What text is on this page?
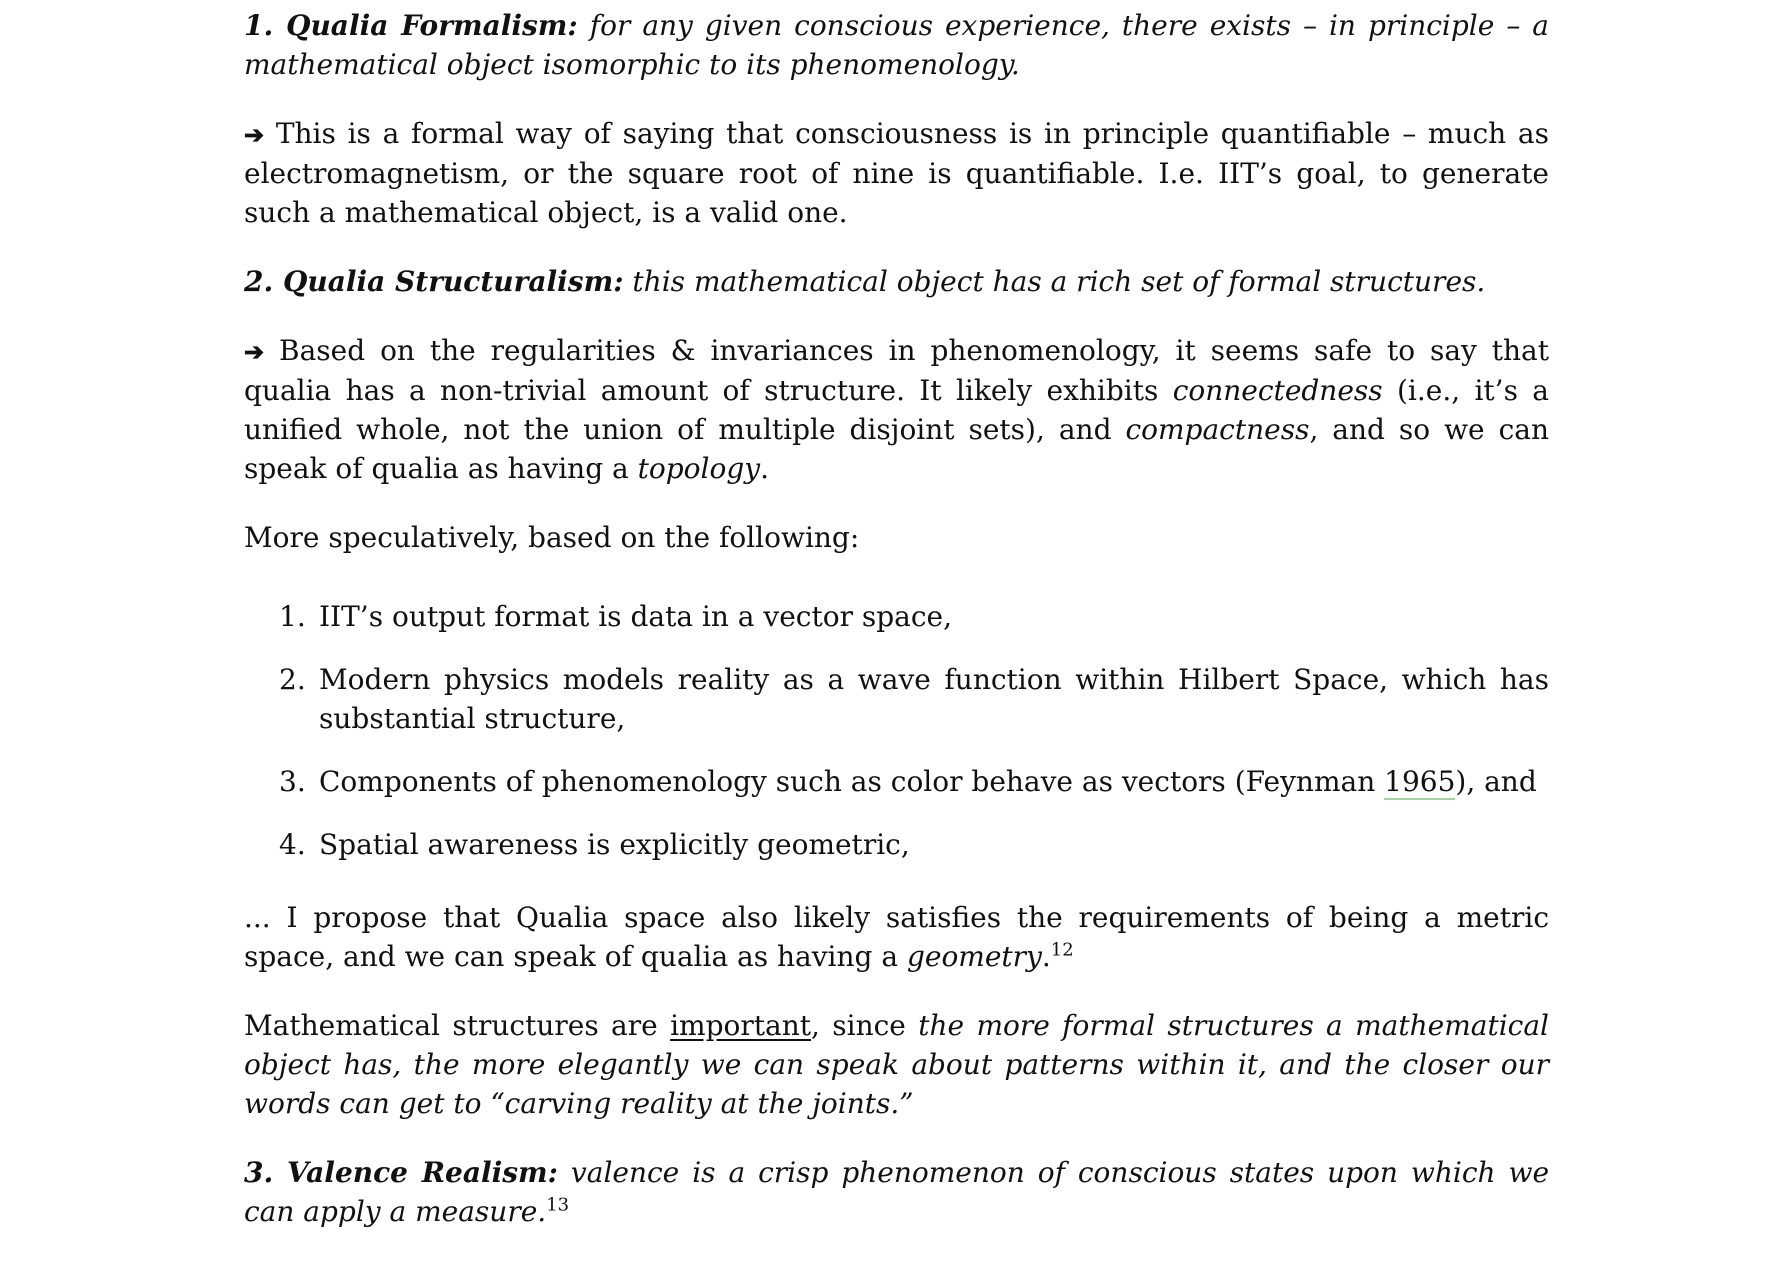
1. Qualia Formalism: for any given conscious experience, there exists – in principle – a mathematical object isomorphic to its phenomenology.

➔ This is a formal way of saying that consciousness is in principle quantifiable – much as electromagnetism, or the square root of nine is quantifiable. I.e. IIT’s goal, to generate such a mathematical object, is a valid one.

2. Qualia Structuralism: this mathematical object has a rich set of formal structures.

➔ Based on the regularities & invariances in phenomenology, it seems safe to say that qualia has a non-trivial amount of structure. It likely exhibits connectedness (i.e., it’s a unified whole, not the union of multiple disjoint sets), and compactness, and so we can speak of qualia as having a topology.

More speculatively, based on the following:

1. IIT’s output format is data in a vector space,
2. Modern physics models reality as a wave function within Hilbert Space, which has substantial structure,
3. Components of phenomenology such as color behave as vectors (Feynman 1965), and
4. Spatial awareness is explicitly geometric,

... I propose that Qualia space also likely satisfies the requirements of being a metric space, and we can speak of qualia as having a geometry.$^{12}$

Mathematical structures are important, since the more formal structures a mathematical object has, the more elegantly we can speak about patterns within it, and the closer our words can get to “carving reality at the joints.”

3. Valence Realism: valence is a crisp phenomenon of conscious states upon which we can apply a measure.$^{13}$
